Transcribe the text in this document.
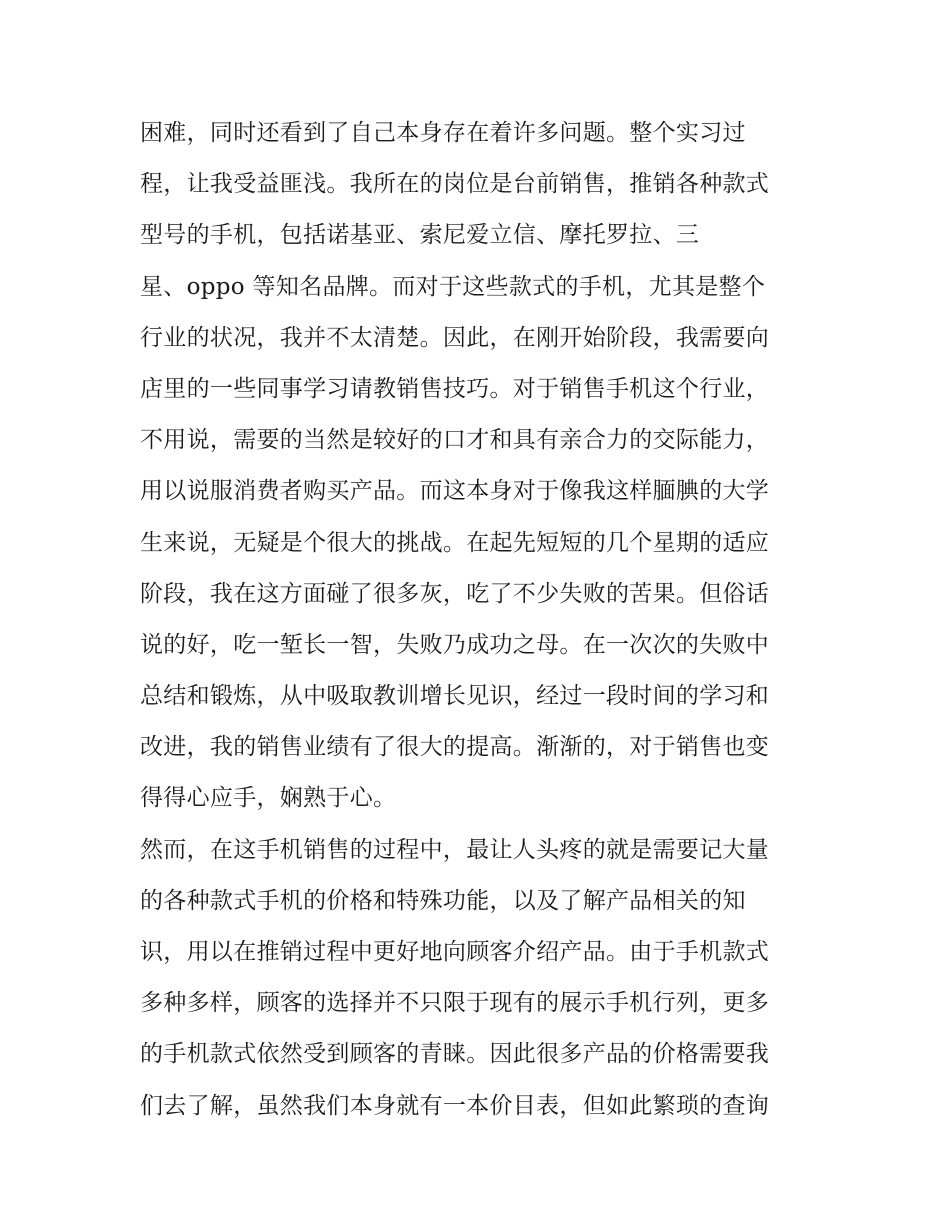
困难，同时还看到了自己本身存在着许多问题。整个实习过
程，让我受益匪浅。我所在的岗位是台前销售，推销各种款式
型号的手机，包括诺基亚、索尼爱立信、摩托罗拉、三
星、oppo 等知名品牌。而对于这些款式的手机，尤其是整个
行业的状况，我并不太清楚。因此，在刚开始阶段，我需要向
店里的一些同事学习请教销售技巧。对于销售手机这个行业，
不用说，需要的当然是较好的口才和具有亲合力的交际能力，
用以说服消费者购买产品。而这本身对于像我这样腼腆的大学
生来说，无疑是个很大的挑战。在起先短短的几个星期的适应
阶段，我在这方面碰了很多灰，吃了不少失败的苦果。但俗话
说的好，吃一堑长一智，失败乃成功之母。在一次次的失败中
总结和锻炼，从中吸取教训增长见识，经过一段时间的学习和
改进，我的销售业绩有了很大的提高。渐渐的，对于销售也变
得得心应手，娴熟于心。
然而，在这手机销售的过程中，最让人头疼的就是需要记大量
的各种款式手机的价格和特殊功能，以及了解产品相关的知
识，用以在推销过程中更好地向顾客介绍产品。由于手机款式
多种多样，顾客的选择并不只限于现有的展示手机行列，更多
的手机款式依然受到顾客的青睐。因此很多产品的价格需要我
们去了解，虽然我们本身就有一本价目表，但如此繁琐的查询
